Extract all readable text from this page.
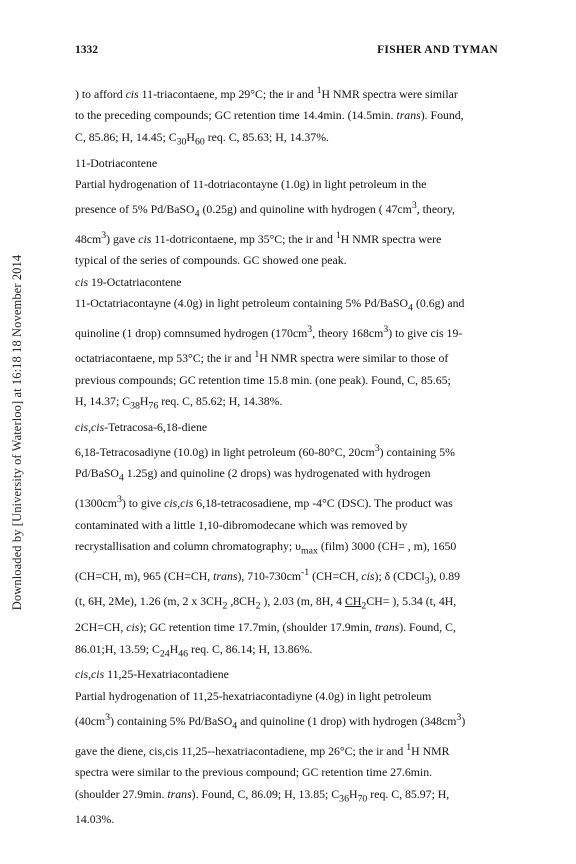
Downloaded by [University of Waterloo] at 16:18 18 November 2014
1332	FISHER AND TYMAN

) to afford cis 11-triacontaene, mp 29°C; the ir and $^1$H NMR spectra were similar

to the preceding compounds; GC retention time 14.4min. (14.5min. trans). Found,

C, 85.86; H, 14.45; $C_{30}H_{60}$ req. C, 85.63; H, 14.37%.

11-Dotriacontene

Partial hydrogenation of 11-dotriacontayne (1.0g) in light petroleum in the

presence of 5% Pd/BaSO$_4$ (0.25g) and quinoline with hydrogen ( $47cm^3$, theory,

$48cm^3$) gave cis 11-dotricontaene, mp 35°C; the ir and $^1$H NMR spectra were

typical of the series of compounds. GC showed one peak.

cis 19-Octatriacontene

11-Octatriacontayne (4.0g) in light petroleum containing 5% Pd/BaSO$_4$ (0.6g) and

quinoline (1 drop) comnsumed hydrogen ($170cm^3$, theory $168cm^3$) to give cis 19-

octatriacontaene, mp 53°C; the ir and $^1$H NMR spectra were similar to those of

previous compounds; GC retention time 15.8 min. (one peak). Found, C, 85.65;

H, 14.37; $C_{38}H_{76}$ req. C, 85.62; H, 14.38%.

cis,cis-Tetracosa-6,18-diene

6,18-Tetracosadiyne (10.0g) in light petroleum (60-80°C, $20cm^3$) containing 5%

Pd/BaSO$_4$ 1.25g) and quinoline (2 drops) was hydrogenated with hydrogen

$(1300cm^3)$ to give cis,cis 6,18-tetracosadiene, mp -4°C (DSC). The product was

contaminated with a little 1,10-dibromodecane which was removed by

recrystallisation and column chromatography; $\upsilon_{max}$ (film) 3000 (CH= , m), 1650

(CH=CH, m), 965 (CH=CH, trans), $710-730cm^{-1}$ (CH=CH, cis); δ (CDCl$_3$), 0.89

(t, 6H, 2Me), 1.26 (m, 2 x $3CH_2$ $,8CH_2$ ), 2.03 (m, 8H, 4 $CH_2CH=$ ), 5.34 (t, 4H,

2CH=CH, cis); GC retention time 17.7min, (shoulder 17.9min, trans). Found, C,

86.01;H, 13.59; $C_{24}H_{46}$ req. C, 86.14; H, 13.86%.

cis,cis 11,25-Hexatriacontadiene

Partial hydrogenation of 11,25-hexatriacontadiyne (4.0g) in light petroleum

$(40cm^3)$ containing 5% Pd/BaSO$_4$ and quinoline (1 drop) with hydrogen $(348cm^3)$

gave the diene, cis,cis 11,25--hexatriacontadiene, mp 26°C; the ir and $^1$H NMR

spectra were similar to the previous compound; GC retention time 27.6min.

(shoulder 27.9min. trans). Found, C, 86.09; H, 13.85; $C_{36}H_{70}$ req. C, 85.97; H,

14.03%.
